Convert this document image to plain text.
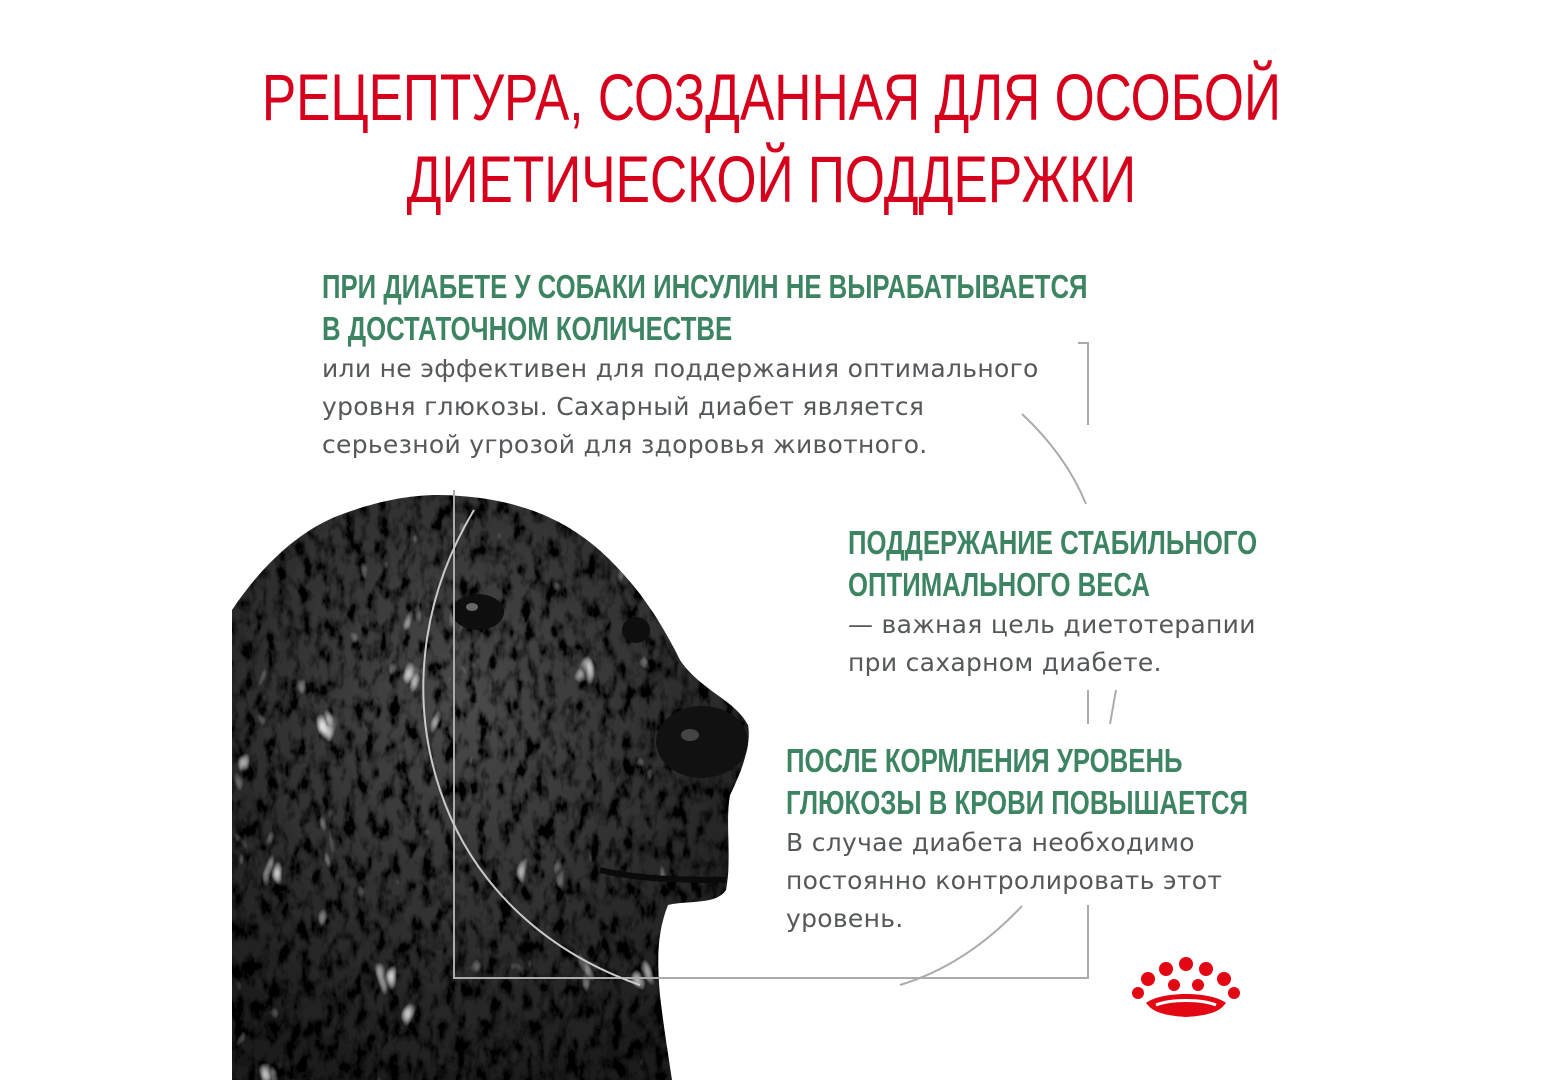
РЕЦЕПТУРА, СОЗДАННАЯ ДЛЯ ОСОБОЙ
ДИЕТИЧЕСКОЙ ПОДДЕРЖКИ
ПРИ ДИАБЕТЕ У СОБАКИ ИНСУЛИН НЕ ВЫРАБАТЫВАЕТСЯ
В ДОСТАТОЧНОМ КОЛИЧЕСТВЕ
или не эффективен для поддержания оптимального
уровня глюкозы. Сахарный диабет является
серьезной угрозой для здоровья животного.
ПОДДЕРЖАНИЕ СТАБИЛЬНОГО
ОПТИМАЛЬНОГО ВЕСА
— важная цель диетотерапии
при сахарном диабете.
ПОСЛЕ КОРМЛЕНИЯ УРОВЕНЬ
ГЛЮКОЗЫ В КРОВИ ПОВЫШАЕТСЯ
В случае диабета необходимо
постоянно контролировать этот
уровень.
